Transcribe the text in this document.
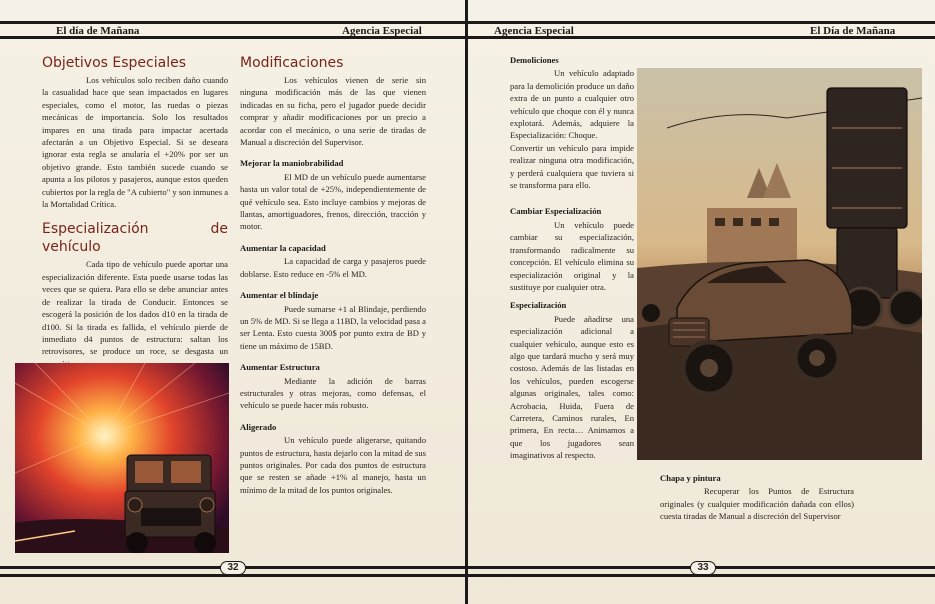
El día de Mañana	Agencia Especial
Objetivos Especiales

Los vehículos solo reciben daño cuando la casualidad hace que sean impactados en lugares especiales, como el motor, las ruedas o piezas mecánicas de importancia. Solo los resultados impares en una tirada para impactar acertada afectarán a un Objetivo Especial. Si se deseara ignorar esta regla se anularía el +20% por ser un objetivo grande. Esto también sucede cuando se apunta a los pilotos y pasajeros, aunque estos queden cubiertos por la regla de "A cubierto" y son inmunes a la Mortalidad Crítica.

Especialización de vehículo

Cada tipo de vehículo puede aportar una especialización diferente. Esta puede usarse todas las veces que se quiera. Para ello se debe anunciar antes de realizar la tirada de Conducir. Entonces se escogerá la posición de los dados d10 en la tirada de d100. Si la tirada es fallida, el vehículo pierde de inmediato d4 puntos de estructura: saltan los retrovisores, se produce un roce, se desgasta un

Modificaciones

Los vehículos vienen de serie sin ninguna modificación más de las que vienen indicadas en su ficha, pero el jugador puede decidir comprar y añadir modificaciones por un precio a acordar con el mecánico, o una serie de tiradas de Manual a discreción del Supervisor.

Mejorar la maniobrabilidad

El MD de un vehículo puede aumentarse hasta un valor total de +25%, independientemente de qué vehículo sea. Esto incluye cambios y mejoras de llantas, amortiguadores, frenos, dirección, tracción y motor.

Aumentar la capacidad

La capacidad de carga y pasajeros puede doblarse. Esto reduce en -5% el MD.

Aumentar el blindaje

Puede sumarse +1 al Blindaje, perdiendo un 5% de MD. Si se llega a 11BD, la velocidad pasa a ser Lenta. Esto cuesta 300$ por punto extra de BD y tiene un máximo de 15BD.

Aumentar Estructura

Mediante la adición de barras estructurales y otras mejoras, como defensas, el vehículo se puede hacer más robusto.

Aligerado

Un vehículo puede aligerarse, quitando puntos de estructura, hasta dejarlo con la mitad de sus puntos originales. Por cada dos puntos de estructura que se resten se añade +1% al manejo, hasta un mínimo de la mitad de los puntos originales.

32
Agencia Especial	El Día de Mañana
Demoliciones

Un vehículo adaptado para la demolición produce un daño extra de un punto a cualquier otro vehículo que choque con él y nunca explotará. Además, adquiere la Especialización: Choque.

Convertir un vehículo para impide realizar ninguna otra modificación, y perderá cualquiera que tuviera si se transforma para ello.

Cambiar Especialización

Un vehículo puede cambiar su especialización, transformando radicalmente su concepción. El vehículo elimina su especialización original y la sustituye por cualquier otra.

Especialización

Puede añadirse una especialización adicional a cualquier vehículo, aunque esto es algo que tardará mucho y será muy costoso. Además de las listadas en los vehículos, pueden escogerse algunas originales, tales como: Acrobacia, Huida, Fuera de Carretera, Caminos rurales, En primera, En recta… Animamos a que los jugadores sean imaginativos al respecto.

Chapa y pintura

Recuperar los Puntos de Estructura originales (y cualquier modificación dañada con ellos) cuesta tiradas de Manual a discreción del Supervisor

33
